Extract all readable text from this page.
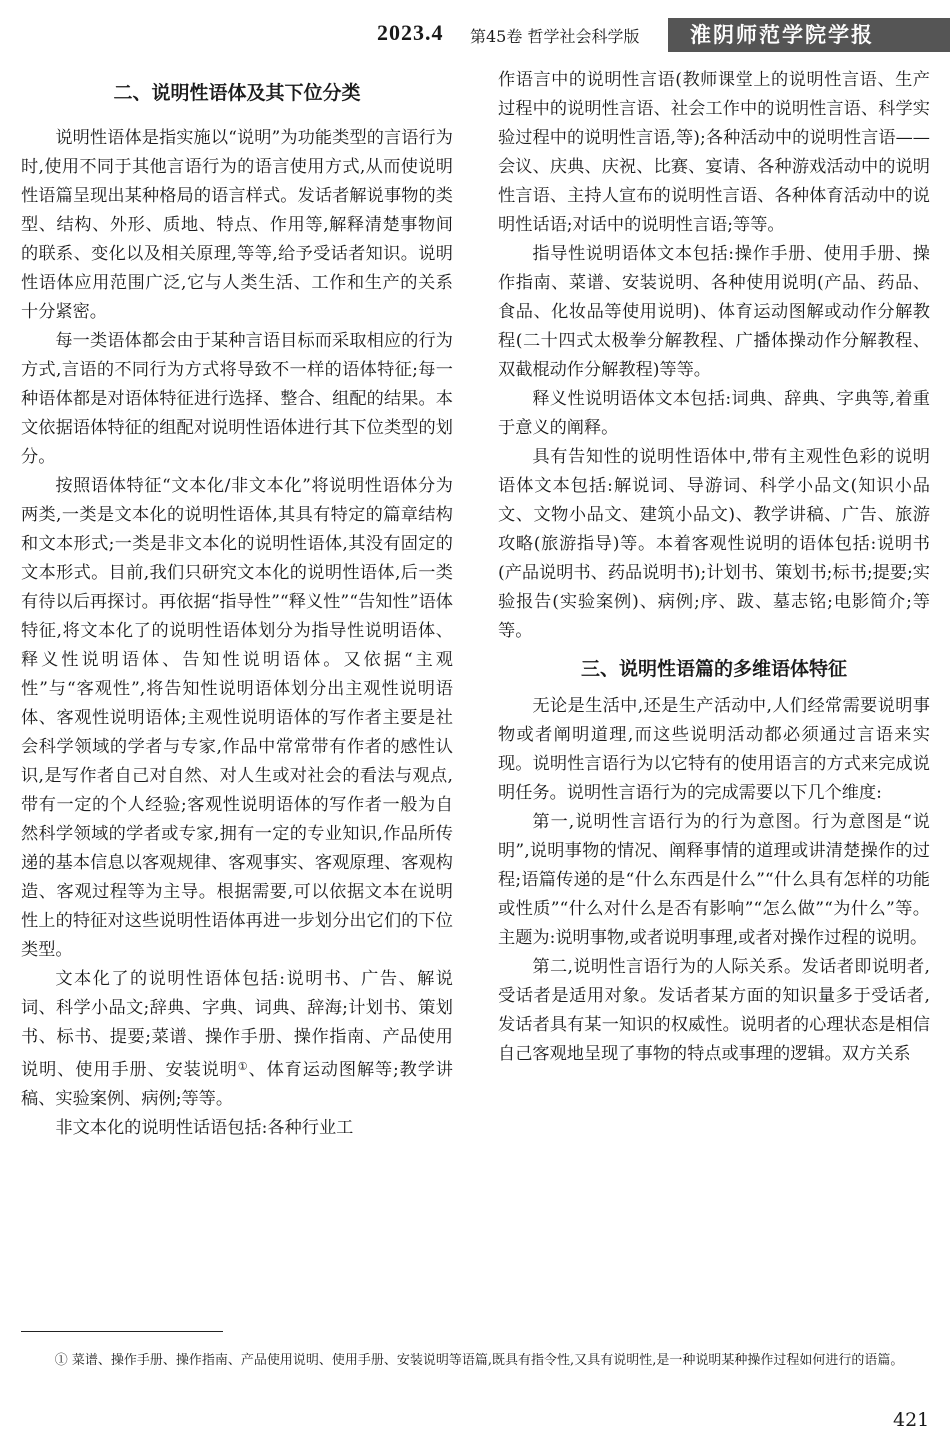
2023.4 第45卷 哲学社会科学版	淮阴师范学院学报
二、说明性语体及其下位分类

说明性语体是指实施以“说明”为功能类型的言语行为时,使用不同于其他言语行为的语言使用方式,从而使说明性语篇呈现出某种格局的语言样式。发话者解说事物的类型、结构、外形、质地、特点、作用等,解释清楚事物间的联系、变化以及相关原理,等等,给予受话者知识。说明性语体应用范围广泛,它与人类生活、工作和生产的关系十分紧密。

每一类语体都会由于某种言语目标而采取相应的行为方式,言语的不同行为方式将导致不一样的语体特征;每一种语体都是对语体特征进行选择、整合、组配的结果。本文依据语体特征的组配对说明性语体进行其下位类型的划分。

按照语体特征“文本化/非文本化”将说明性语体分为两类,一类是文本化的说明性语体,其具有特定的篇章结构和文本形式;一类是非文本化的说明性语体,其没有固定的文本形式。目前,我们只研究文本化的说明性语体,后一类有待以后再探讨。再依据“指导性”“释义性”“告知性”语体特征,将文本化了的说明性语体划分为指导性说明语体、释义性说明语体、告知性说明语体。又依据“主观性”与“客观性”,将告知性说明语体划分出主观性说明语体、客观性说明语体;主观性说明语体的写作者主要是社会科学领域的学者与专家,作品中常常带有作者的感性认识,是写作者自己对自然、对人生或对社会的看法与观点,带有一定的个人经验;客观性说明语体的写作者一般为自然科学领域的学者或专家,拥有一定的专业知识,作品所传递的基本信息以客观规律、客观事实、客观原理、客观构造、客观过程等为主导。根据需要,可以依据文本在说明性上的特征对这些说明性语体再进一步划分出它们的下位类型。

文本化了的说明性语体包括:说明书、广告、解说词、科学小品文;辞典、字典、词典、辞海;计划书、策划书、标书、提要;菜谱、操作手册、操作指南、产品使用说明、使用手册、安装说明①、体育运动图解等;教学讲稿、实验案例、病例;等等。

非文本化的说明性话语包括:各种行业工

作语言中的说明性言语(教师课堂上的说明性言语、生产过程中的说明性言语、社会工作中的说明性言语、科学实验过程中的说明性言语,等);各种活动中的说明性言语——会议、庆典、庆祝、比赛、宴请、各种游戏活动中的说明性言语、主持人宣布的说明性言语、各种体育活动中的说明性话语;对话中的说明性言语;等等。

指导性说明语体文本包括:操作手册、使用手册、操作指南、菜谱、安装说明、各种使用说明(产品、药品、食品、化妆品等使用说明)、体育运动图解或动作分解教程(二十四式太极拳分解教程、广播体操动作分解教程、双截棍动作分解教程)等等。

释义性说明语体文本包括:词典、辞典、字典等,着重于意义的阐释。

具有告知性的说明性语体中,带有主观性色彩的说明语体文本包括:解说词、导游词、科学小品文(知识小品文、文物小品文、建筑小品文)、教学讲稿、广告、旅游攻略(旅游指导)等。本着客观性说明的语体包括:说明书(产品说明书、药品说明书);计划书、策划书;标书;提要;实验报告(实验案例)、病例;序、跋、墓志铭;电影简介;等等。

三、说明性语篇的多维语体特征

无论是生活中,还是生产活动中,人们经常需要说明事物或者阐明道理,而这些说明活动都必须通过言语来实现。说明性言语行为以它特有的使用语言的方式来完成说明任务。说明性言语行为的完成需要以下几个维度:

第一,说明性言语行为的行为意图。行为意图是“说明”,说明事物的情况、阐释事情的道理或讲清楚操作的过程;语篇传递的是“什么东西是什么”“什么具有怎样的功能或性质”“什么对什么是否有影响”“怎么做”“为什么”等。主题为:说明事物,或者说明事理,或者对操作过程的说明。

第二,说明性言语行为的人际关系。发话者即说明者,受话者是适用对象。发话者某方面的知识量多于受话者,发话者具有某一知识的权威性。说明者的心理状态是相信自己客观地呈现了事物的特点或事理的逻辑。双方关系

① 菜谱、操作手册、操作指南、产品使用说明、使用手册、安装说明等语篇,既具有指令性,又具有说明性,是一种说明某种操作过程如何进行的语篇。
421
